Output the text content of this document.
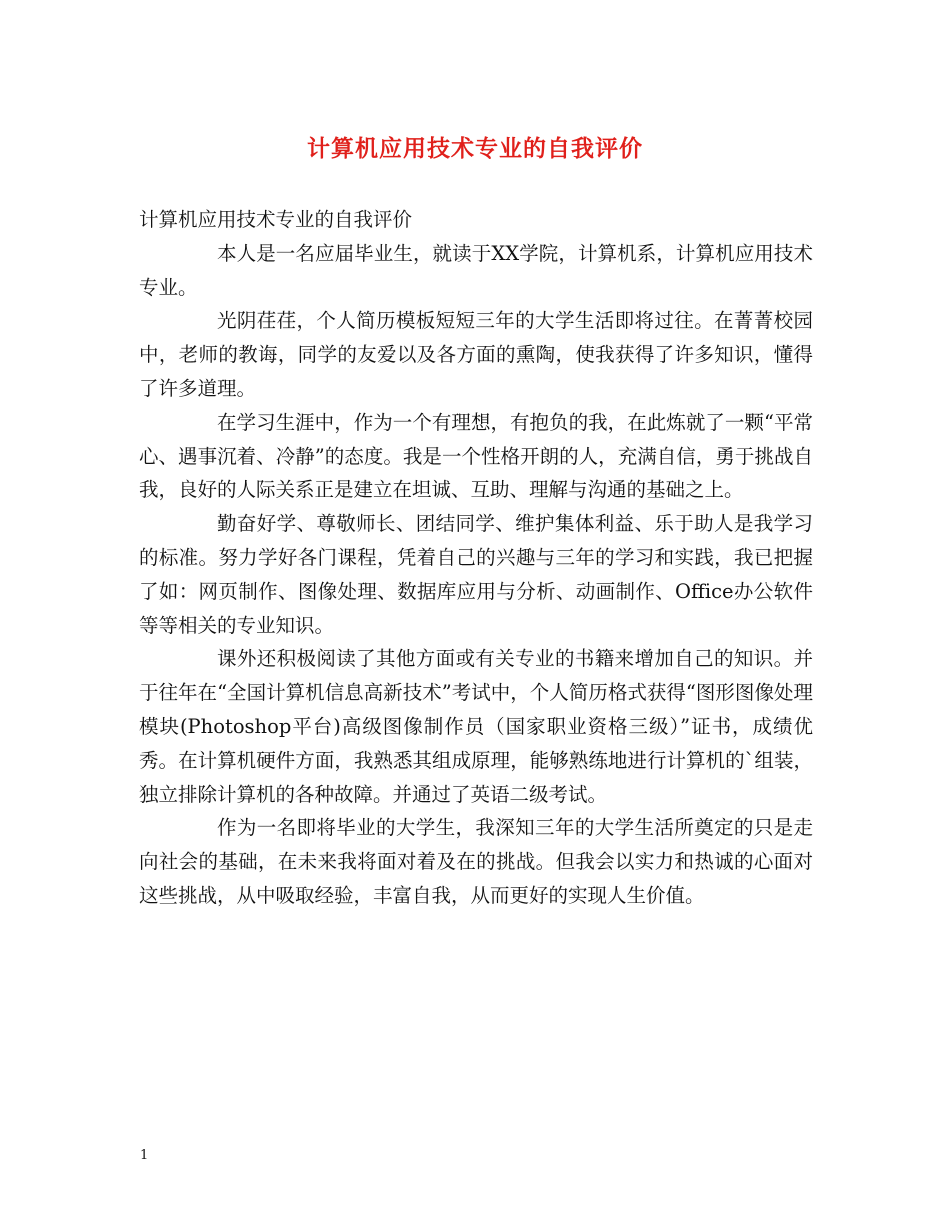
计算机应用技术专业的自我评价

计算机应用技术专业的自我评价

本人是一名应届毕业生，就读于XX学院，计算机系，计算机应用技术专业。

光阴荏荏，个人简历模板短短三年的大学生活即将过往。在菁菁校园中，老师的教诲，同学的友爱以及各方面的熏陶，使我获得了许多知识，懂得了许多道理。

在学习生涯中，作为一个有理想，有抱负的我，在此炼就了一颗“平常心、遇事沉着、冷静”的态度。我是一个性格开朗的人，充满自信，勇于挑战自我，良好的人际关系正是建立在坦诚、互助、理解与沟通的基础之上。

勤奋好学、尊敬师长、团结同学、维护集体利益、乐于助人是我学习的标准。努力学好各门课程，凭着自己的兴趣与三年的学习和实践，我已把握了如：网页制作、图像处理、数据库应用与分析、动画制作、Office办公软件等等相关的专业知识。

课外还积极阅读了其他方面或有关专业的书籍来增加自己的知识。并于往年在“全国计算机信息高新技术”考试中，个人简历格式获得“图形图像处理模块(Photoshop平台)高级图像制作员（国家职业资格三级）”证书，成绩优秀。在计算机硬件方面，我熟悉其组成原理，能够熟练地进行计算机的`组装，独立排除计算机的各种故障。并通过了英语二级考试。

作为一名即将毕业的大学生，我深知三年的大学生活所奠定的只是走向社会的基础，在未来我将面对着及在的挑战。但我会以实力和热诚的心面对这些挑战，从中吸取经验，丰富自我，从而更好的实现人生价值。

1
